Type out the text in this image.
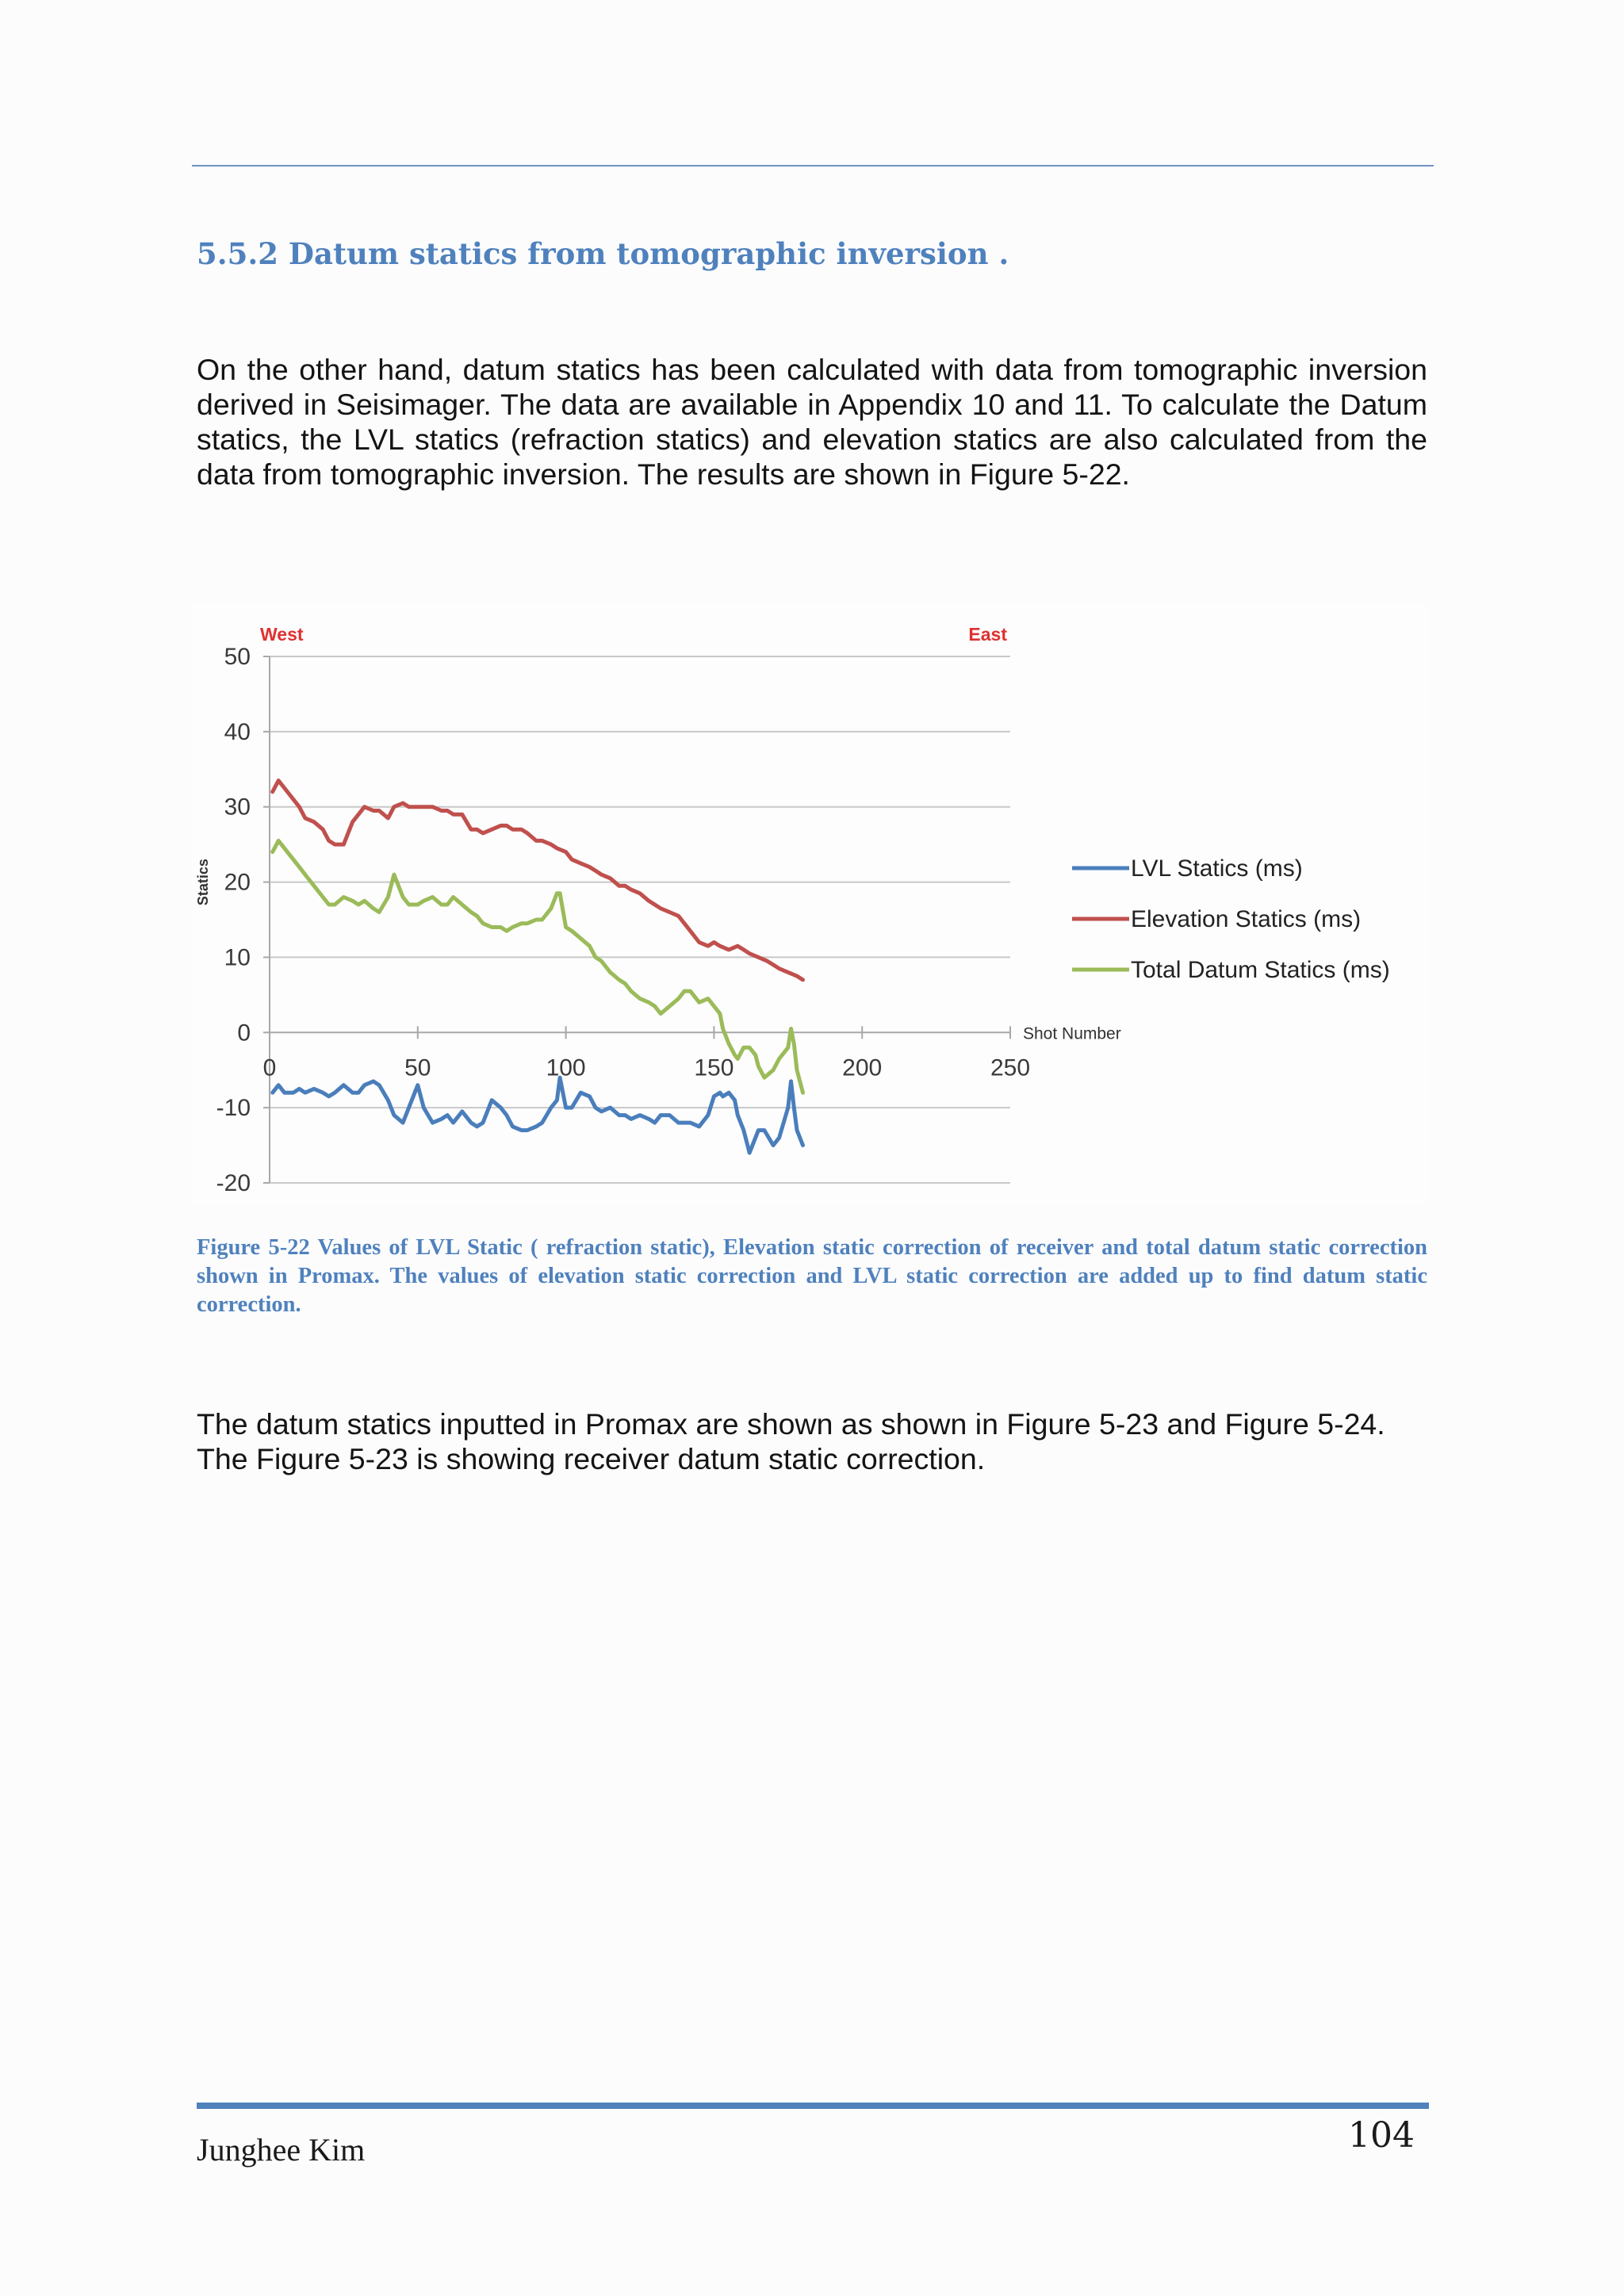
5.5.2 Datum statics from tomographic inversion .

On the other hand, datum statics has been calculated with data from tomographic inversion derived in Seisimager. The data are available in Appendix 10 and 11. To calculate the Datum statics, the LVL statics (refraction statics) and elevation statics are also calculated from the data from tomographic inversion. The results are shown in Figure 5-22.

50
40
30
20
10
0
-10
-20
0	50	100	150	200	250
Shot Number
Statics
West	East
LVL Statics (ms)
Elevation Statics (ms)
Total Datum Statics (ms)

Figure 5-22 Values of LVL Static ( refraction static), Elevation static correction of receiver and total datum static correction shown in Promax. The values of elevation static correction and LVL static correction are added up to find datum static correction.

The datum statics inputted in Promax are shown as shown in Figure 5-23 and Figure 5-24. The Figure 5-23 is showing receiver datum static correction.

Junghee Kim	104
